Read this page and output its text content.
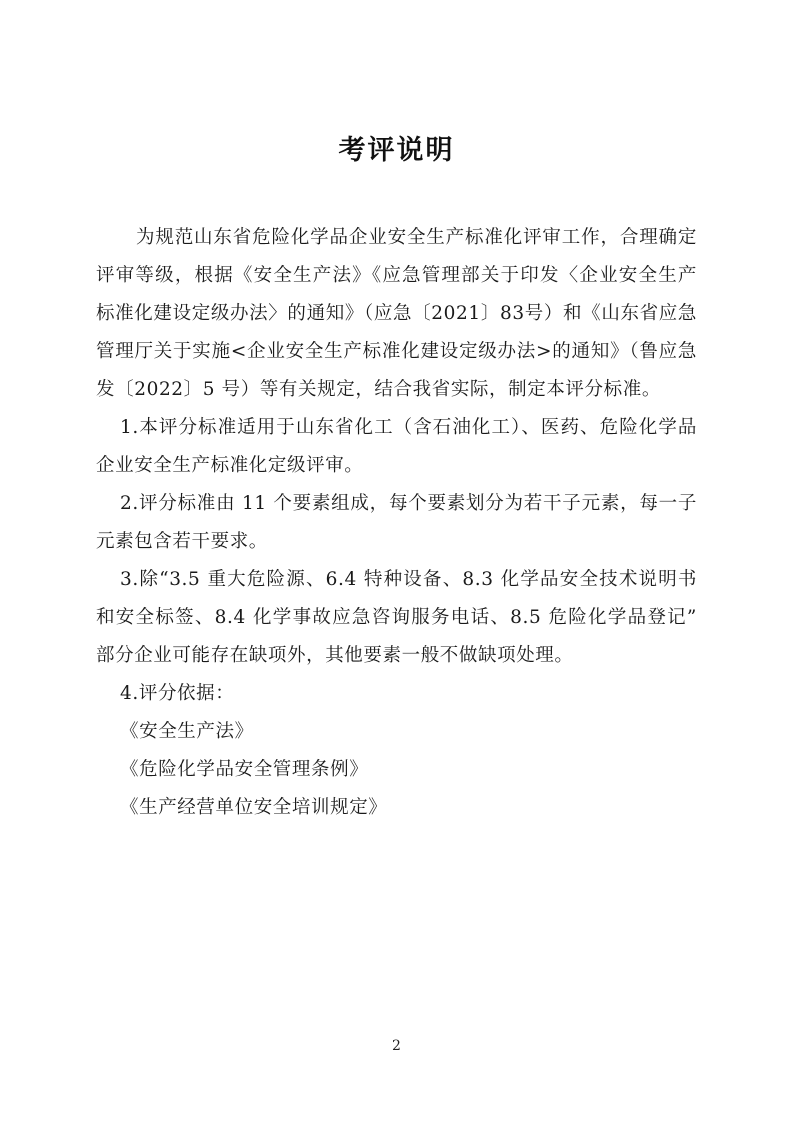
考评说明

为规范山东省危险化学品企业安全生产标准化评审工作，合理确定评审等级，根据《安全生产法》《应急管理部关于印发〈企业安全生产标准化建设定级办法〉的通知》（应急〔2021〕83号）和《山东省应急管理厅关于实施<企业安全生产标准化建设定级办法>的通知》（鲁应急发〔2022〕5 号）等有关规定，结合我省实际，制定本评分标准。

1.本评分标准适用于山东省化工（含石油化工）、医药、危险化学品企业安全生产标准化定级评审。

2.评分标准由 11 个要素组成，每个要素划分为若干子元素，每一子元素包含若干要求。

3.除“3.5 重大危险源、6.4 特种设备、8.3 化学品安全技术说明书和安全标签、8.4 化学事故应急咨询服务电话、8.5 危险化学品登记”部分企业可能存在缺项外，其他要素一般不做缺项处理。

4.评分依据：

《安全生产法》

《危险化学品安全管理条例》

《生产经营单位安全培训规定》

2
